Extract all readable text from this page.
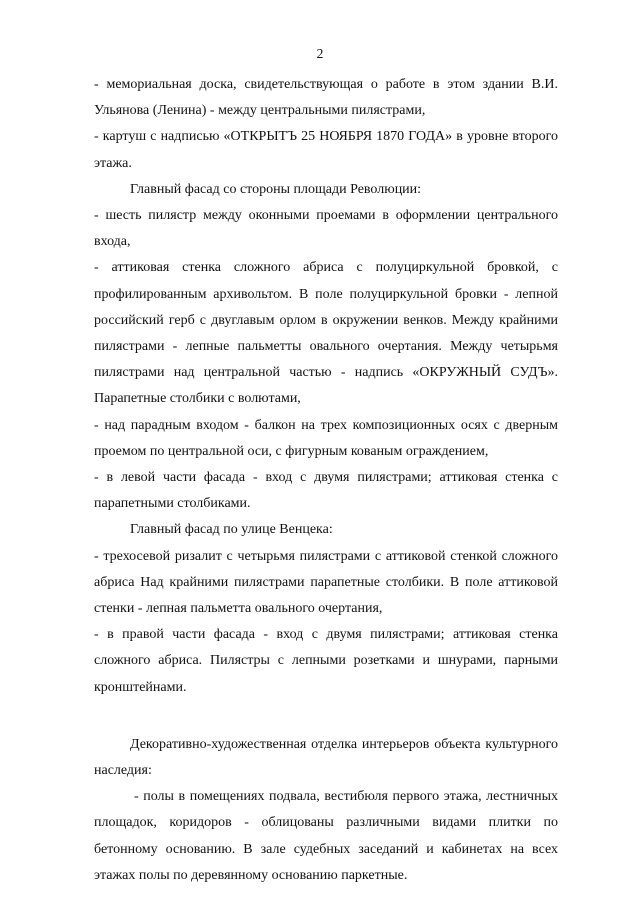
2

- мемориальная доска, свидетельствующая о работе в этом здании В.И. Ульянова (Ленина) - между центральными пилястрами,

- картуш с надписью «ОТКРЫТЪ 25 НОЯБРЯ 1870 ГОДА» в уровне второго этажа.

Главный фасад со стороны площади Революции:

- шесть пилястр между оконными проемами в оформлении центрального входа,

- аттиковая стенка сложного абриса с полуциркульной бровкой, с профилированным архивольтом. В поле полуциркульной бровки - лепной российский герб с двуглавым орлом в окружении венков. Между крайними пилястрами - лепные пальметты овального очертания. Между четырьмя пилястрами над центральной частью - надпись «ОКРУЖНЫЙ СУДЪ». Парапетные столбики с волютами,

- над парадным входом - балкон на трех композиционных осях с дверным проемом по центральной оси, с фигурным кованым ограждением,

- в левой части фасада - вход с двумя пилястрами; аттиковая стенка с парапетными столбиками.

Главный фасад по улице Венцека:

- трехосевой ризалит с четырьмя пилястрами с аттиковой стенкой сложного абриса Над крайними пилястрами парапетные столбики. В поле аттиковой стенки - лепная пальметта овального очертания,

- в правой части фасада - вход с двумя пилястрами; аттиковая стенка сложного абриса. Пилястры с лепными розетками и шнурами, парными кронштейнами.

Декоративно-художественная отделка интерьеров объекта культурного наследия:

- полы в помещениях подвала, вестибюля первого этажа, лестничных площадок, коридоров - облицованы различными видами плитки по бетонному основанию. В зале судебных заседаний и кабинетах на всех этажах полы по деревянному основанию паркетные.
